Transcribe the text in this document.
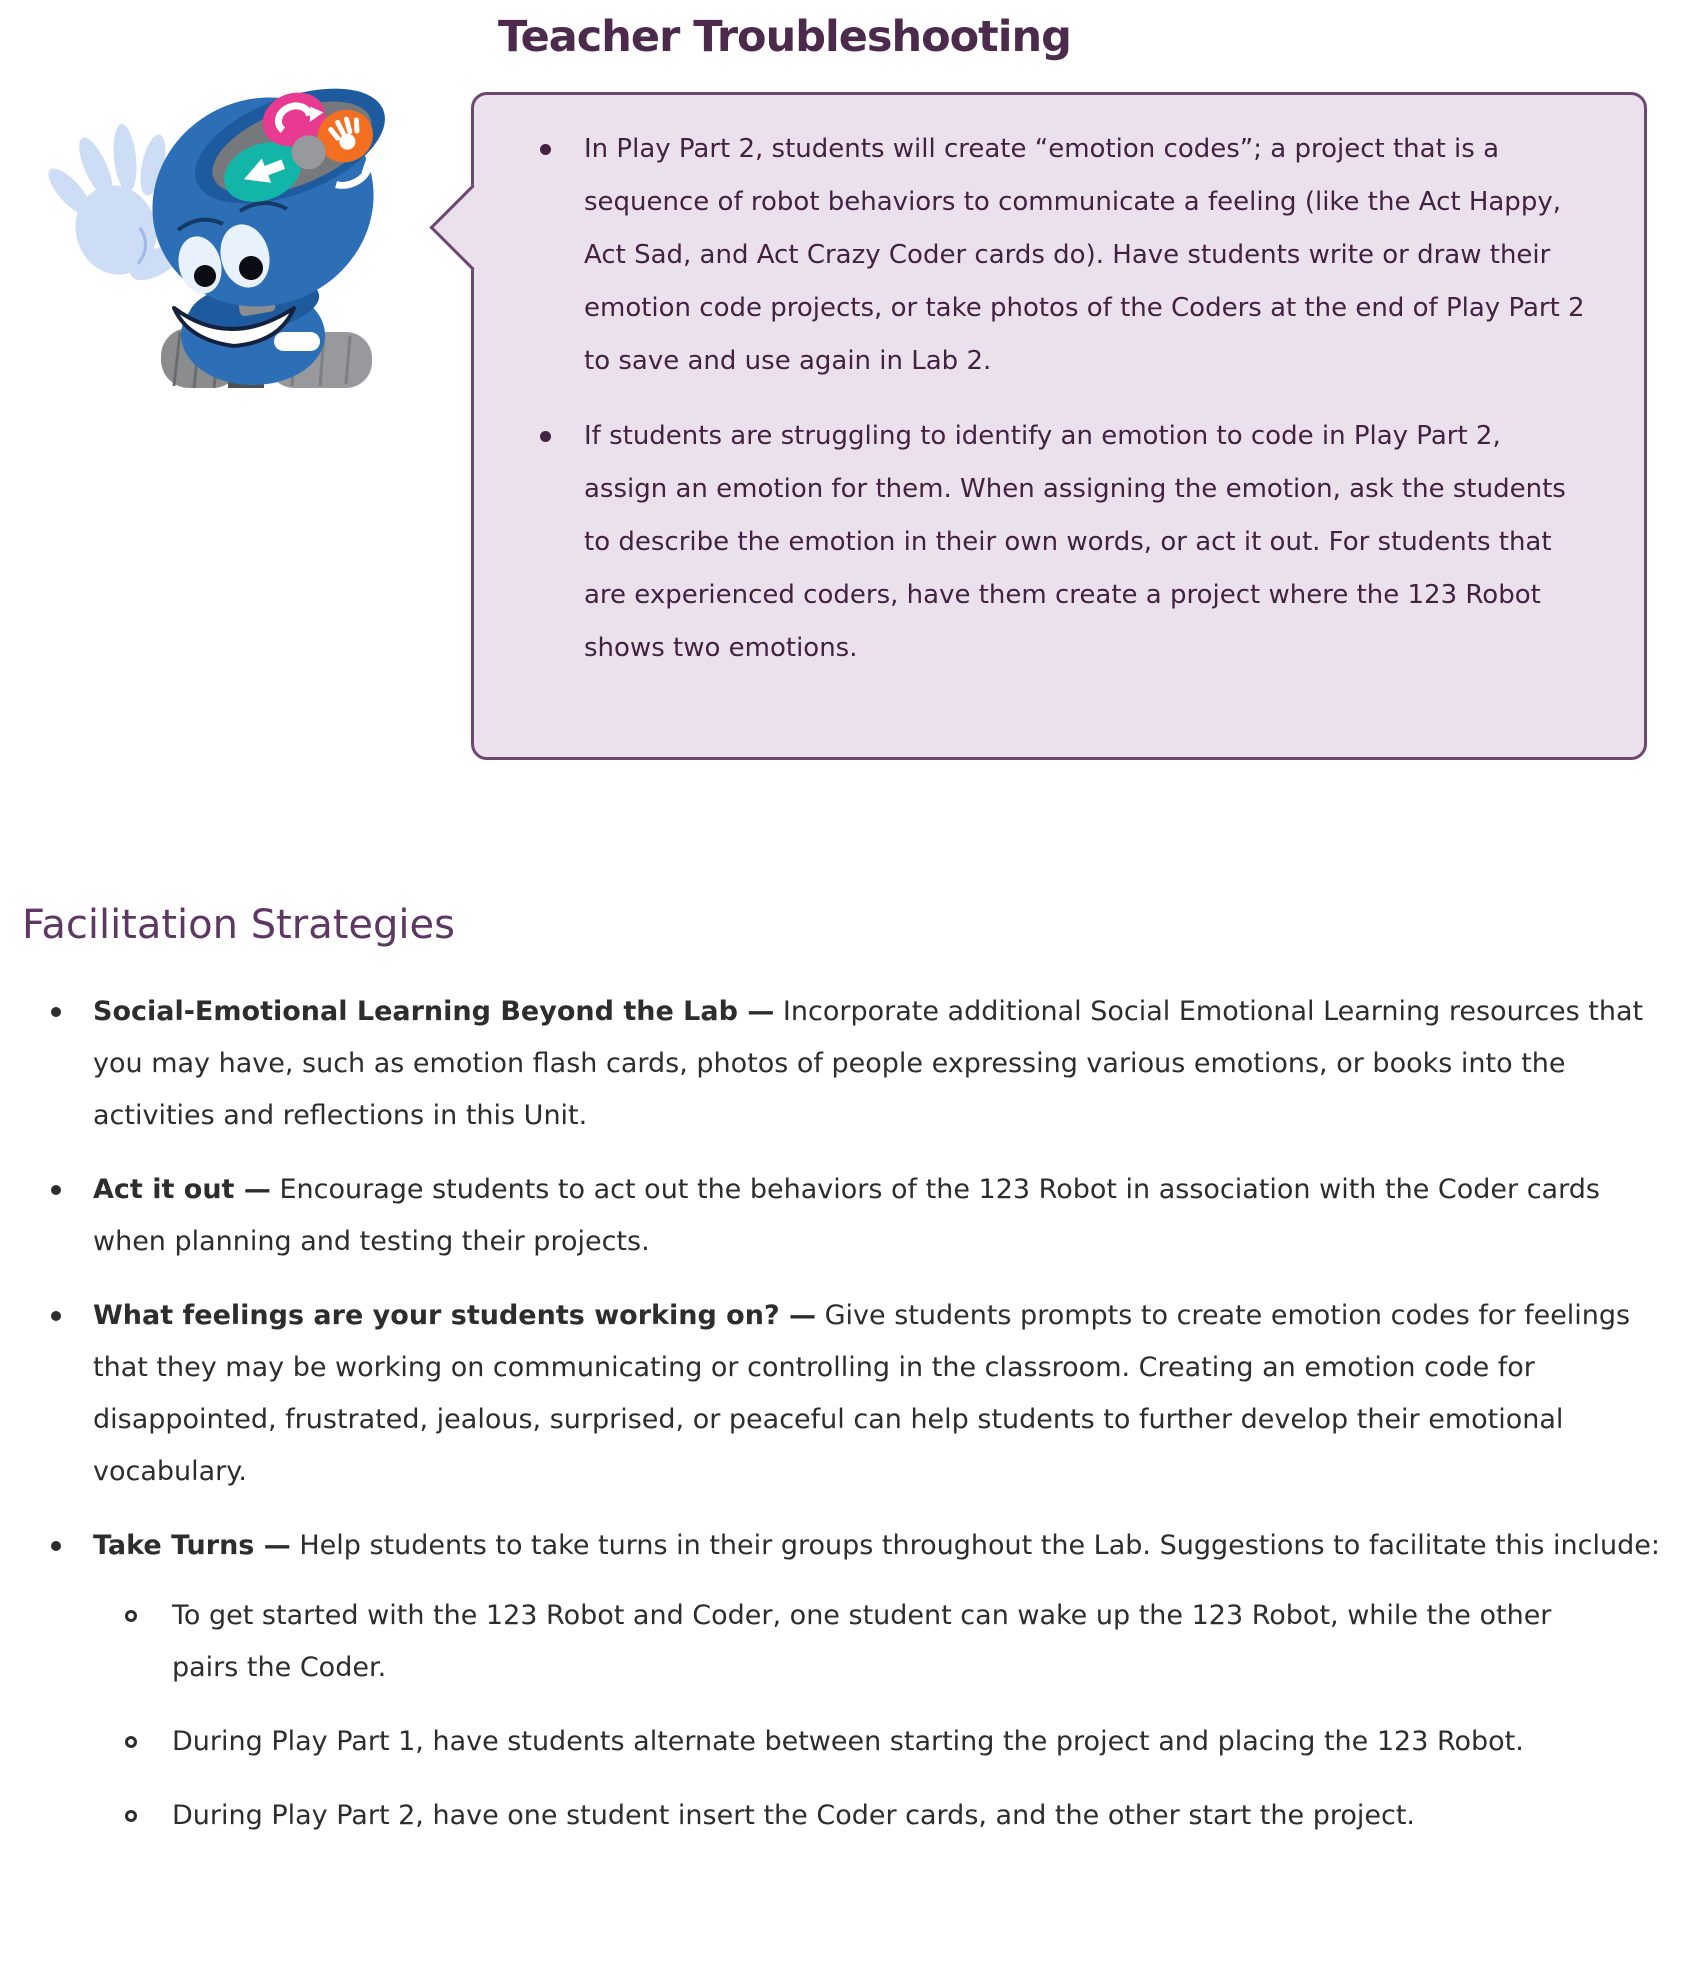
Teacher Troubleshooting
In Play Part 2, students will create “emotion codes”; a project that is a sequence of robot behaviors to communicate a feeling (like the Act Happy, Act Sad, and Act Crazy Coder cards do). Have students write or draw their emotion code projects, or take photos of the Coders at the end of Play Part 2 to save and use again in Lab 2.
If students are struggling to identify an emotion to code in Play Part 2, assign an emotion for them. When assigning the emotion, ask the students to describe the emotion in their own words, or act it out. For students that are experienced coders, have them create a project where the 123 Robot shows two emotions.
Facilitation Strategies
Social-Emotional Learning Beyond the Lab — Incorporate additional Social Emotional Learning resources that you may have, such as emotion flash cards, photos of people expressing various emotions, or books into the activities and reflections in this Unit.
Act it out — Encourage students to act out the behaviors of the 123 Robot in association with the Coder cards when planning and testing their projects.
What feelings are your students working on? — Give students prompts to create emotion codes for feelings that they may be working on communicating or controlling in the classroom. Creating an emotion code for disappointed, frustrated, jealous, surprised, or peaceful can help students to further develop their emotional vocabulary.
Take Turns — Help students to take turns in their groups throughout the Lab. Suggestions to facilitate this include:
To get started with the 123 Robot and Coder, one student can wake up the 123 Robot, while the other pairs the Coder.
During Play Part 1, have students alternate between starting the project and placing the 123 Robot.
During Play Part 2, have one student insert the Coder cards, and the other start the project.
